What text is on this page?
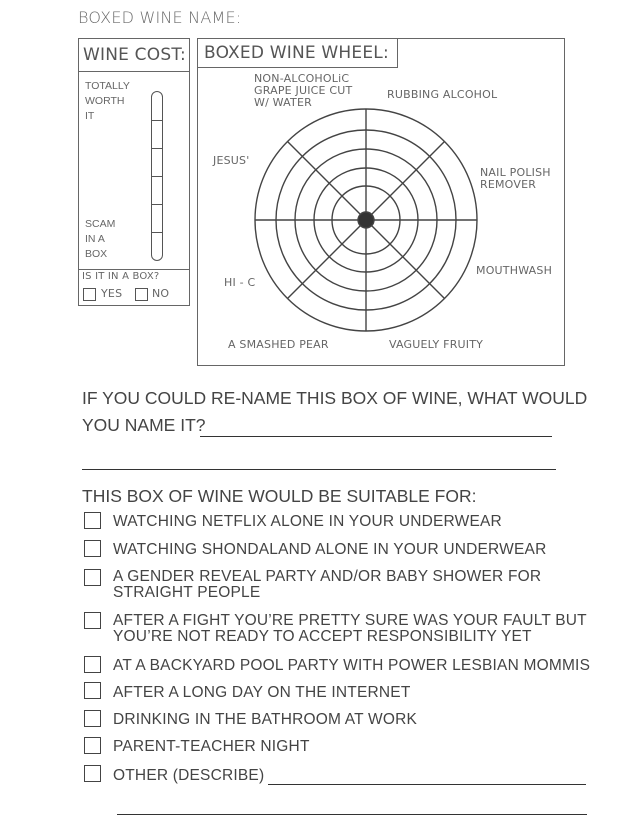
BOXED WINE NAME:
WINE COST:
TOTALLY
WORTH
IT
SCAM
IN A
BOX
IS IT IN A BOX?
YES	NO
BOXED WINE WHEEL:
NON-ALCOHOLiC
GRAPE JUICE CUT
W/ WATER
RUBBING ALCOHOL
JESUS'
NAIL POLISH
REMOVER
HI - C
MOUTHWASH
A SMASHED PEAR	VAGUELY FRUITY
IF YOU COULD RE-NAME THIS BOX OF WINE, WHAT WOULD
YOU NAME IT?
THIS BOX OF WINE WOULD BE SUITABLE FOR:
WATCHING NETFLIX ALONE IN YOUR UNDERWEAR
WATCHING SHONDALAND ALONE IN YOUR UNDERWEAR
A GENDER REVEAL PARTY AND/OR BABY SHOWER FOR
STRAIGHT PEOPLE
AFTER A FIGHT YOU’RE PRETTY SURE WAS YOUR FAULT BUT
YOU’RE NOT READY TO ACCEPT RESPONSIBILITY YET
AT A BACKYARD POOL PARTY WITH POWER LESBIAN MOMMIS
AFTER A LONG DAY ON THE INTERNET
DRINKING IN THE BATHROOM AT WORK
PARENT-TEACHER NIGHT
OTHER (DESCRIBE)
